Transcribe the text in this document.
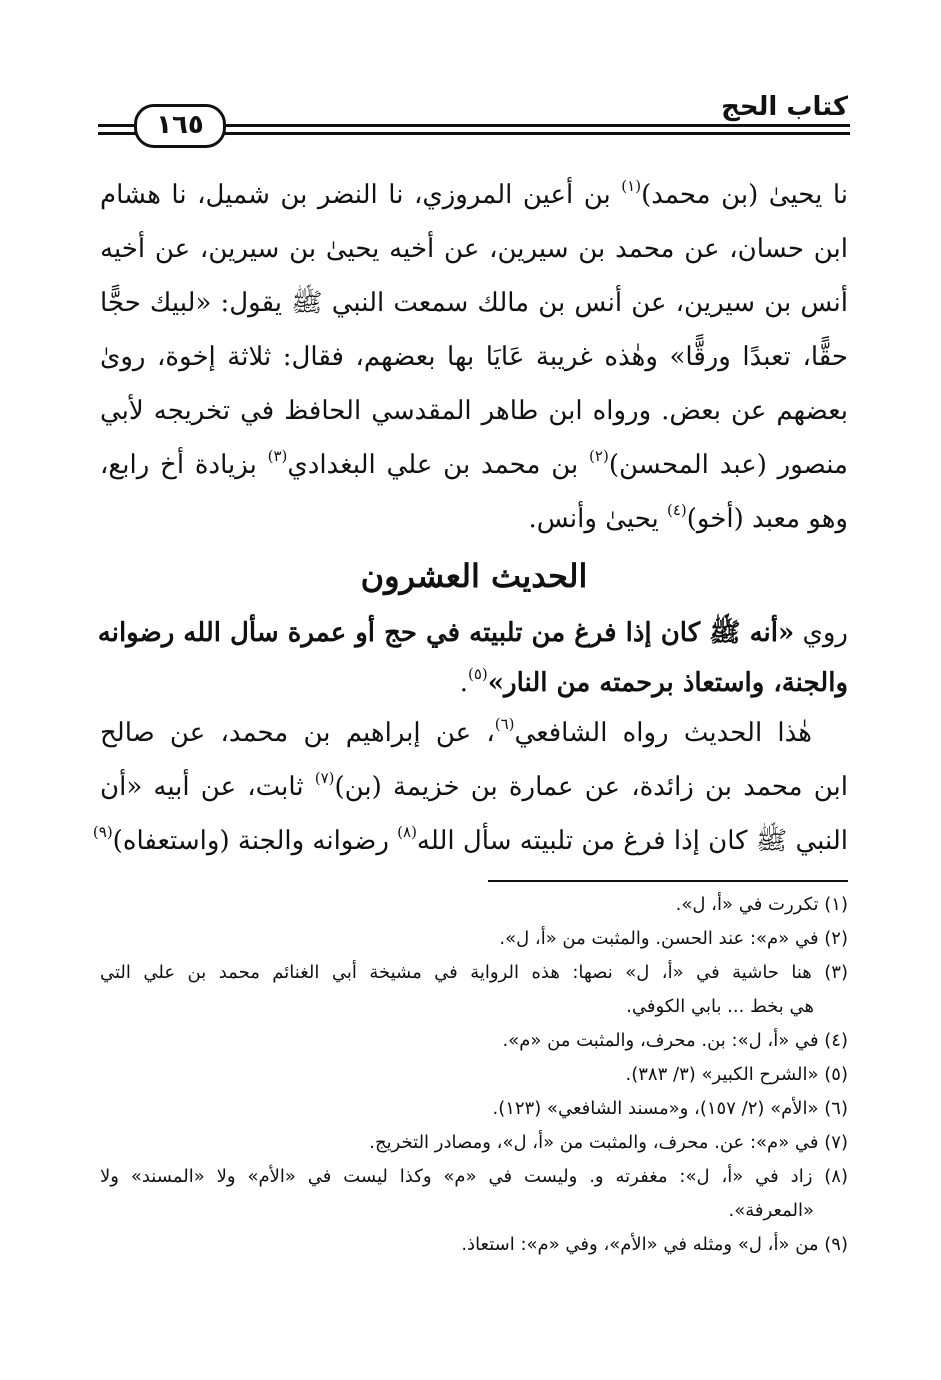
كتاب الحج
١٦٥
نا يحيىٰ (بن محمد)$^{(١)}$ بن أعين المروزي، نا النضر بن شميل، نا هشام
ابن حسان، عن محمد بن سيرين، عن أخيه يحيىٰ بن سيرين، عن أخيه
أنس بن سيرين، عن أنس بن مالك سمعت النبي ﷺ يقول: «لبيك حجًّا
حقًّا، تعبدًا ورقًّا» وهٰذه غريبة عَايَا بها بعضهم، فقال: ثلاثة إخوة، روىٰ
بعضهم عن بعض. ورواه ابن طاهر المقدسي الحافظ في تخريجه لأبي
منصور (عبد المحسن)$^{(٢)}$ بن محمد بن علي البغدادي$^{(٣)}$ بزيادة أخ رابع،
وهو معبد (أخو)$^{(٤)}$ يحيىٰ وأنس.
الحديث العشرون
روي «أنه ﷺ كان إذا فرغ من تلبيته في حج أو عمرة سأل الله رضوانه
والجنة، واستعاذ برحمته من النار»$^{(٥)}$.
هٰذا الحديث رواه الشافعي$^{(٦)}$، عن إبراهيم بن محمد، عن صالح
ابن محمد بن زائدة، عن عمارة بن خزيمة (بن)$^{(٧)}$ ثابت، عن أبيه «أن
النبي ﷺ كان إذا فرغ من تلبيته سأل الله$^{(٨)}$ رضوانه والجنة (واستعفاه)$^{(٩)}$
(١) تكررت في «أ، ل».
(٢) في «م»: عند الحسن. والمثبت من «أ، ل».
(٣) هنا حاشية في «أ، ل» نصها: هذه الرواية في مشيخة أبي الغنائم محمد بن علي التي
هي بخط ... بابي الكوفي.
(٤) في «أ، ل»: بن. محرف، والمثبت من «م».
(٥) «الشرح الكبير» (٣/ ٣٨٣).
(٦) «الأم» (٢/ ١٥٧)، و«مسند الشافعي» (١٢٣).
(٧) في «م»: عن. محرف، والمثبت من «أ، ل»، ومصادر التخريج.
(٨) زاد في «أ، ل»: مغفرته و. وليست في «م» وكذا ليست في «الأم» ولا «المسند» ولا
«المعرفة».
(٩) من «أ، ل» ومثله في «الأم»، وفي «م»: استعاذ.
